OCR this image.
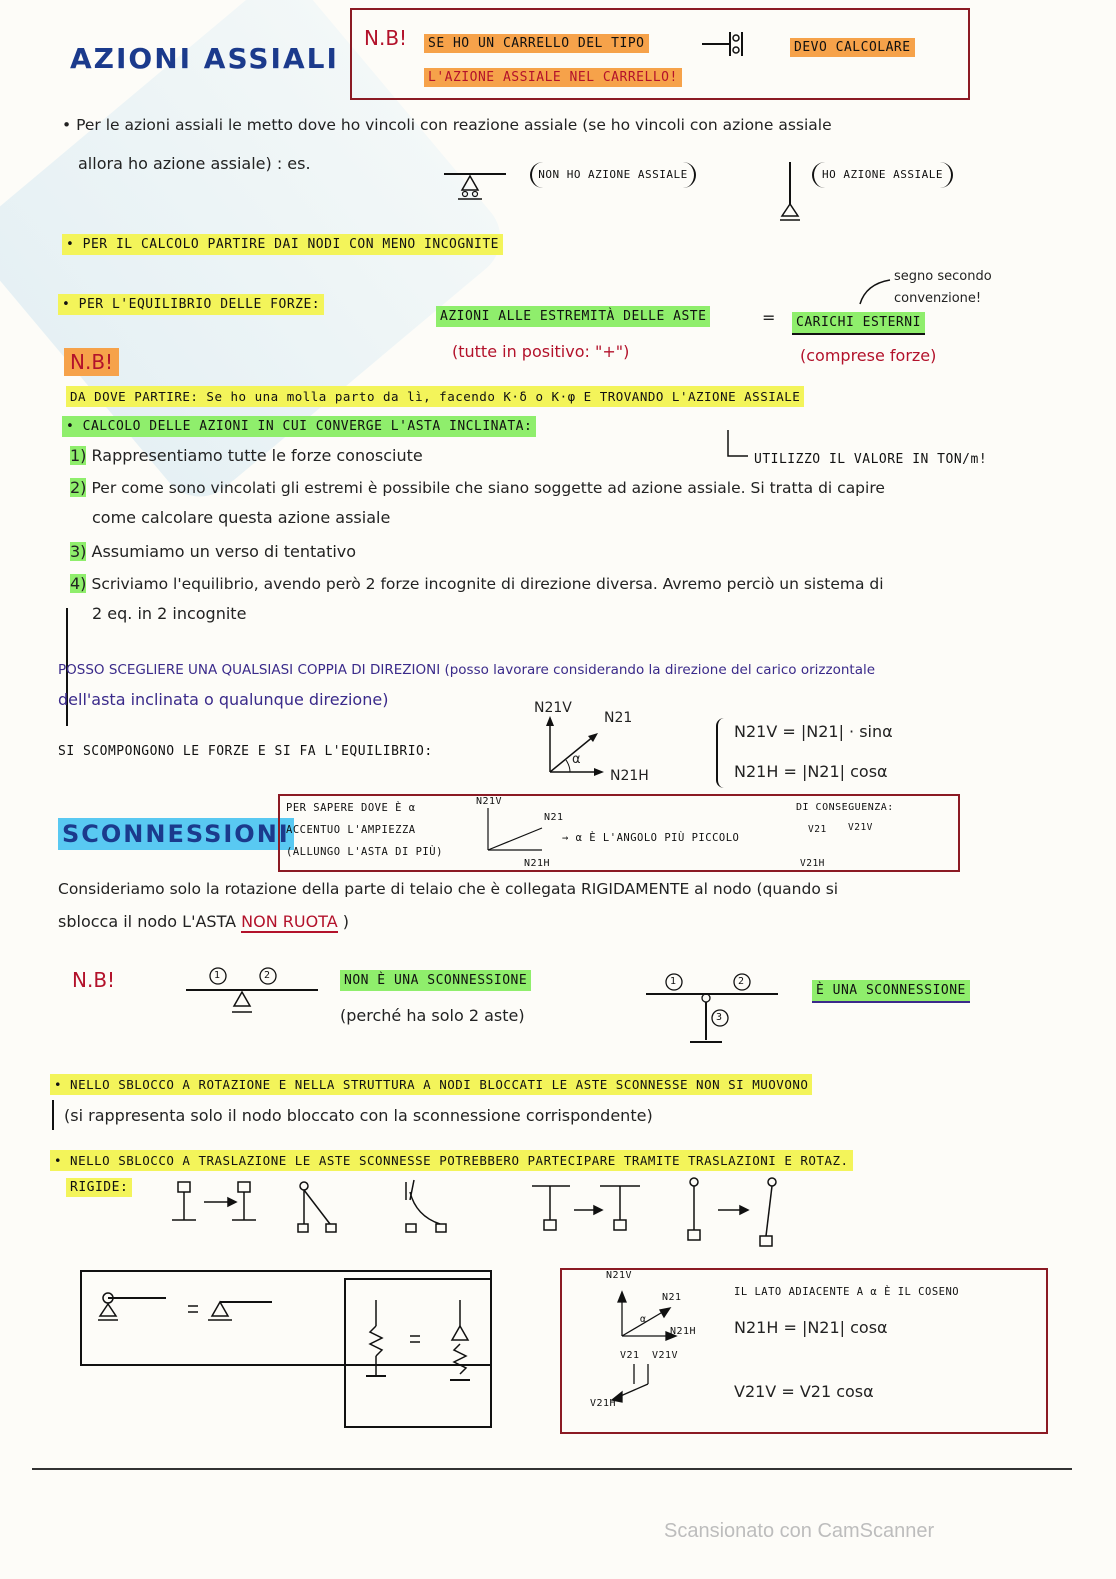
AZIONI ASSIALI
N.B!	SE HO UN CARRELLO DEL TIPO	DEVO CALCOLARE
L'AZIONE ASSIALE NEL CARRELLO!
• Per le azioni assiali le metto dove ho vincoli con reazione assiale (se ho vincoli con azione assiale
allora ho azione assiale) : es.
NON HO AZIONE ASSIALE	HO AZIONE ASSIALE
• PER IL CALCOLO PARTIRE DAI NODI CON MENO INCOGNITE
• PER L'EQUILIBRIO DELLE FORZE:
AZIONI ALLE ESTREMITÀ DELLE ASTE	=	CARICHI ESTERNI
(tutte in positivo: "+")	(comprese forze)
segno secondo convenzione!
N.B!
DA DOVE PARTIRE: Se ho una molla parto da lì, facendo K·δ o K·φ E TROVANDO L'AZIONE ASSIALE
• CALCOLO DELLE AZIONI IN CUI CONVERGE L'ASTA INCLINATA:
UTILIZZO IL VALORE IN TON/m!
1) Rappresentiamo tutte le forze conosciute
2) Per come sono vincolati gli estremi è possibile che siano soggette ad azione assiale. Si tratta di capire
come calcolare questa azione assiale
3) Assumiamo un verso di tentativo
4) Scriviamo l'equilibrio, avendo però 2 forze incognite di direzione diversa. Avremo perciò un sistema di
2 eq. in 2 incognite
POSSO SCEGLIERE UNA QUALSIASI COPPIA DI DIREZIONI (posso lavorare considerando la direzione del carico orizzontale
dell'asta inclinata o qualunque direzione)
SI SCOMPONGONO LE FORZE E SI FA L'EQUILIBRIO:
N21V
N21
N21H
α
N21V = |N21| · sinα
N21H = |N21| cosα
SCONNESSIONI
PER SAPERE DOVE È α
ACCENTUO L'AMPIEZZA
(ALLUNGO L'ASTA DI PIÙ)
N21V
N21
N21H
→ α È L'ANGOLO PIÙ PICCOLO
DI CONSEGUENZA:
V21 V21V
V21H
Consideriamo solo la rotazione della parte di telaio che è collegata RIGIDAMENTE al nodo (quando si
sblocca il nodo L'ASTA NON RUOTA )
N.B!	1	2	NON È UNA SCONNESSIONE
(perché ha solo 2 aste)
1	2
3
È UNA SCONNESSIONE
• NELLO SBLOCCO A ROTAZIONE E NELLA STRUTTURA A NODI BLOCCATI LE ASTE SCONNESSE NON SI MUOVONO
(si rappresenta solo il nodo bloccato con la sconnessione corrispondente)
• NELLO SBLOCCO A TRASLAZIONE LE ASTE SCONNESSE POTREBBERO PARTECIPARE TRAMITE TRASLAZIONI E ROTAZ.
RIGIDE:
N21V
N21
N21H
α
V21 V21V
V21H
IL LATO ADIACENTE A α È IL COSENO
N21H = |N21| cosα
V21V = V21 cosα
Scansionato con CamScanner
